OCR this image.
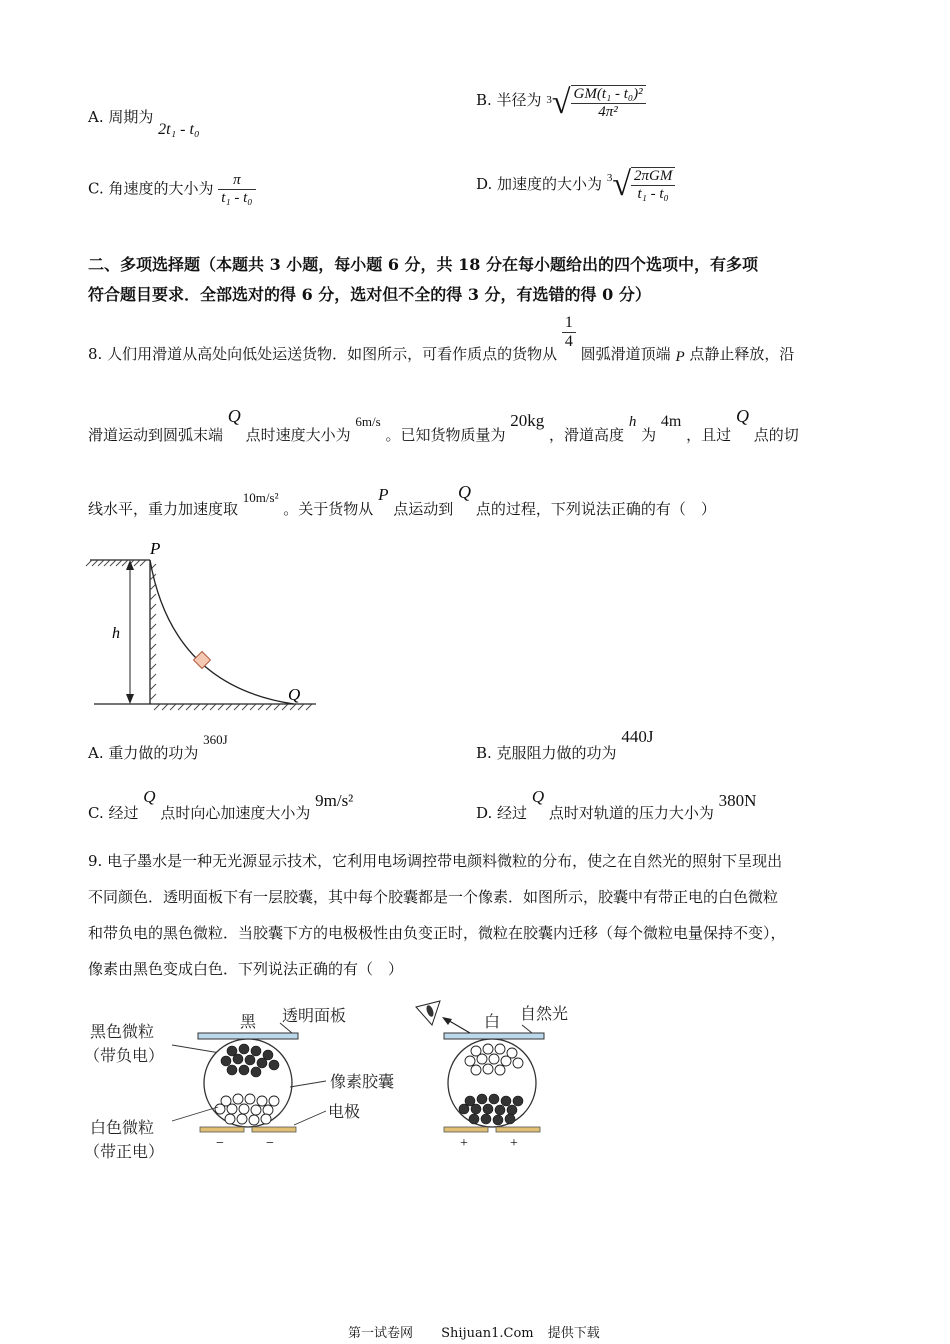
A. 周期为 2t₁ - t₀
B. 半径为 $^3√ \frac{\text{GM(t₁ - t₀)²}}{\text{4π²}}$
C. 角速度的大小为 $\frac{\pi}{\text{t₁ - t₀}}$	D. 加速度的大小为 $^3√ \frac{\text{2πGM}}{\text{t₁ - t₀}}$
二、多项选择题（本题共 3 小题，每小题 6 分，共 18 分在每小题给出的四个选项中，有多项
符合题目要求．全部选对的得 6 分，选对但不全的得 3 分，有选错的得 0 分）
8. 人们用滑道从高处向低处运送货物．如图所示，可看作质点的货物从
$\frac{1}{4}$
圆弧滑道顶端 P 点静止释放，沿
滑道运动到圆弧末端 Q 点时速度大小为 6m/s 。已知货物质量为 20kg ，滑道高度 h 为 4m ，且过 Q 点的切
线水平，重力加速度取 10m/s² 。关于货物从 P 点运动到 Q 点的过程，下列说法正确的有（　）
h
P
Q
A. 重力做的功为 360J
B. 克服阻力做的功为 440J
C. 经过 Q 点时向心加速度大小为 9m/s²
D. 经过 Q 点时对轨道的压力大小为 380N
9. 电子墨水是一种无光源显示技术，它利用电场调控带电颜料微粒的分布，使之在自然光的照射下呈现出
不同颜色．透明面板下有一层胶囊，其中每个胶囊都是一个像素．如图所示，胶囊中有带正电的白色微粒
和带负电的黑色微粒．当胶囊下方的电极极性由负变正时，微粒在胶囊内迁移（每个微粒电量保持不变），
像素由黑色变成白色．下列说法正确的有（　）
黑色微粒
（带负电）
白色微粒
（带正电）
黑 透明面板
像素胶囊
电极
白 自然光
−	−	+	+
第一试卷网 Shijuan1.Com 提供下载
